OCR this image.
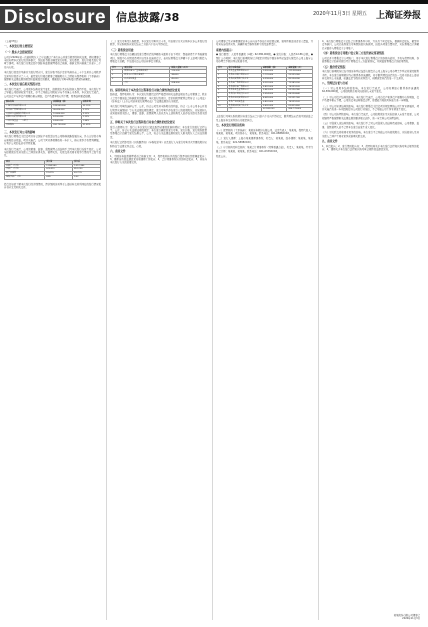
Disclosure 信息披露/38	2020年11月3日 星期五 上海证券报

（上接37版）

一、本次发行的主要情况

（一）股东大会授权情况

公司于2020年第一次临时股东大会审议通过了本次非公开发行股票的相关议案，授权董事会全权办理本次发行的具体事宜，包括但不限于确定发行时机、发行数量、发行价格及发行对象等事项。本次发行方案已经中国证券监督管理委员会核准，核准文件自核准之日起十二个月内有效。

本次发行的定价基准日为发行期首日，发行价格不低于定价基准日前二十个交易日公司股票交易均价的百分之八十。最终发行价格由董事会根据股东大会授权与保荐机构（主承销商）按照相关法律法规的规定和监管部门的要求，根据发行对象申购报价情况协商确定。

二、本次发行前后相关情况对比

本次发行完成后，公司股本结构将发生变化，控股股东及实际控制人保持不变。本次发行不会导致公司控制权发生变化，亦不会导致公司股权分布不具备上市条件。本次发行完成后，公司总资产与净资产规模将相应增加，资产负债率将有所下降，财务结构更趋稳健。

股东名称	持股数量（股）	持股比例
上海某某投资有限公司	128,500,000	32.15%
某某资产管理有限公司	36,420,000	9.11%
中国证券金融股份有限公司	12,860,000	3.22%
香港中央结算有限公司	8,930,000	2.23%
全国社保基金一一八组合	6,540,000	1.64%
其他股东	206,750,000	51.65%

三、本次发行对公司的影响

本次发行募集资金投资项目符合国家产业政策以及公司整体战略发展方向，具有良好的市场前景和经济效益。项目实施后，公司主营业务规模将进一步扩大，核心竞争力将得到增强，有利于公司的长远可持续发展。

本次发行完成后，公司的董事、监事、高级管理人员结构不会因本次发行而发生变化。公司与控股股东及其关联人之间的业务关系、管理关系、关联交易及同业竞争等情况不会发生变化。

项目	发行前	发行后
总资产（万元）	1,284,560	1,512,380
净资产（万元）	623,410	851,230
资产负债率	51.47%	43.72%
每股净资产（元）	4.85	5.62

投资者如欲了解本次发行的详细情况，请仔细阅读刊登于上海证券交易所网站的发行情况报告书全文及相关文件。

（二）发行对象及认购数量。本次发行对象共计十名，均以现金方式认购本次非公开发行的股票，所认购股份自发行结束之日起六个月内不得转让。

（三）募集资金用途

本次发行募集资金总额扣除发行费用后的净额将全部用于以下项目：智能制造生产基地建设项目、研发中心升级改造项目以及补充流动资金。若实际募集资金净额少于上述项目拟投入募集资金总额，不足部分由公司以自筹资金解决。

序号	项目名称	拟投入金额（万元）
1	智能制造生产基地建设项目	125,000
2	研发中心升级改造项目	38,600
3	补充流动资金	45,000
	合计	208,600

四、保荐机构关于本次发行过程和发行对象合规性的结论意见

经核查，保荐机构认为：本次发行的组织过程严格遵守相关法律法规以及公司董事会、股东大会及中国证监会核准批复的要求；本次发行的竞价、定价和股票配售过程符合《公司法》《证券法》《上市公司证券发行管理办法》等法律法规的有关规定。

本次发行对象的选择公平、公正，符合公司及其全体股东的利益，符合《上市公司非公开发行股票实施细则》等有关法律法规的规定。发行对象不存在发行人的控股股东、实际控制人或其控制的关联人、董事、监事、高级管理人员以及与上述机构及人员存在关联关系的关联方。

五、律师关于本次发行过程和发行对象合规性的结论意见

发行人律师认为：发行人本次发行已依法取得必要的批准和授权；本次发行的发行过程公平、公正，符合有关法律法规的规定；本次发行确定的发行对象、发行价格、发行股份数量及募集资金总额等发行结果公平、公正，符合有关法律法规和发行人相关股东大会决议的规定。

本次发行过程涉及的《认购邀请书》《申购报价单》以及发行人与发行对象正式签署的股份认购协议等法律文件合法、有效。

六、备查文件

1、中国证券监督管理委员会核准文件；2、保荐机构出具的发行保荐书和尽职调查报告；3、律师出具的法律意见书和律师工作报告；4、会计师事务所出具的验资报告；5、其他与本次发行有关的重要文件。

公司董事会及全体董事保证本公告内容不存在任何虚假记载、误导性陈述或者重大遗漏，并对其内容的真实性、准确性和完整性承担个别及连带责任。

重要内容提示：

● 发行数量：人民币普通股（A股）62,580,000股。● 发行价格：人民币12.86元/股。● 预计上市时间：本次发行新增股份已于规定日期在中国证券登记结算有限责任公司上海分公司办理完毕股份登记托管手续。

序号	发行对象名称	获配股数（股）	获配金额（元）
1	某某基金管理有限公司	9,330,000	119,983,800
2	某某证券股份有限公司	7,776,000	99,999,360
3	某某投资管理合伙企业	6,998,000	89,994,280
4	某某资产管理有限公司	6,220,000	79,989,200
5	某某保险资产管理公司	5,832,000	74,999,520
6	某某私募基金管理公司	5,443,000	69,996,980
7	某某信托有限责任公司	5,054,000	64,994,440
8	某某创业投资有限公司	4,665,000	59,991,900
9	某某产业投资基金	5,832,000	74,999,520
10	某某股权投资合伙企业	5,430,000	69,829,800
	合计	62,580,000	804,778,800

上述发行对象认购的股份自发行结束之日起六个月内不得转让，限售期结束后按中国证监会及上海证券交易所的有关规定执行。

七、本次发行的相关机构

（一）保荐机构（主承销商）：某某证券股份有限公司。法定代表人：某某某。保荐代表人：某某某、某某某。项目协办人：某某某。联系电话：021-6888XXXX。

（二）发行人律师：上海市某某律师事务所。负责人：某某某。经办律师：某某某、某某某。联系电话：021-5888XXXX。

（三）审计机构及验资机构：某某会计师事务所（特殊普通合伙）。负责人：某某某。签字注册会计师：某某某、某某某。联系电话：021-6333XXXX。

特此公告。

4、本次发行募集资金已经会计师事务所审验，并出具了验资报告。根据验资报告，截至验资基准日，公司已收到发行对象缴纳的认购款项，扣除各项发行费用后，实际募集资金净额已全部存入募集资金专用账户。

（四）募集资金专用账户设立和三方监管协议签署情况

公司已开立募集资金专项账户，用于本次发行募集资金的存储与使用，并将与保荐机构、存放募集资金的商业银行签订募集资金三方监管协议，共同监督募集资金的使用情况。

（五）股份登记情况

本次发行新增股份已在中国证券登记结算有限责任公司上海分公司办理完毕登记托管及限售手续。本次发行新增股份为有限售条件流通股，将于限售期届满后的次一交易日起在上海证券交易所上市流通，如遇法定节假日或休息日，则顺延至其后的第一个交易日。

八、管理层讨论与分析

（一）对公司股本结构的影响。本次发行完成后，公司将增加有限售条件流通股62,580,000股，公司控股股东和实际控制人未发生变化。

（二）对公司资产结构的影响。本次发行完成后，公司总资产和净资产规模均有所增加，资产负债率相应下降，公司的资本结构更趋合理，偿债能力和抗风险能力进一步增强。

（三）对公司业务结构的影响。本次发行募集资金投资项目紧密围绕公司主营业务展开，项目实施后将进一步巩固和提升公司的行业地位，不会导致公司主营业务发生变化。

（四）对公司治理的影响。本次发行完成后，公司控股股东及实际控制人未发生变更，公司将继续严格按照相关法律法规的要求规范运作，进一步完善公司治理结构。

（五）对高管人员结构的影响。本次发行不会对公司高管人员结构造成影响，公司董事、监事、高级管理人员不会因本次发行而发生重大变化。

（六）对关联交易和同业竞争的影响。本次发行不会导致公司与控股股东、实际控制人及其关联人之间产生同业竞争或新增关联交易。

九、备查文件

1、验资报告；2、发行情况报告书；3、保荐机构关于本次发行过程和认购对象合规性的报告；4、律师关于本次发行过程和认购对象合规性的法律意见书。

某某股份有限公司董事会
2020年11月3日
